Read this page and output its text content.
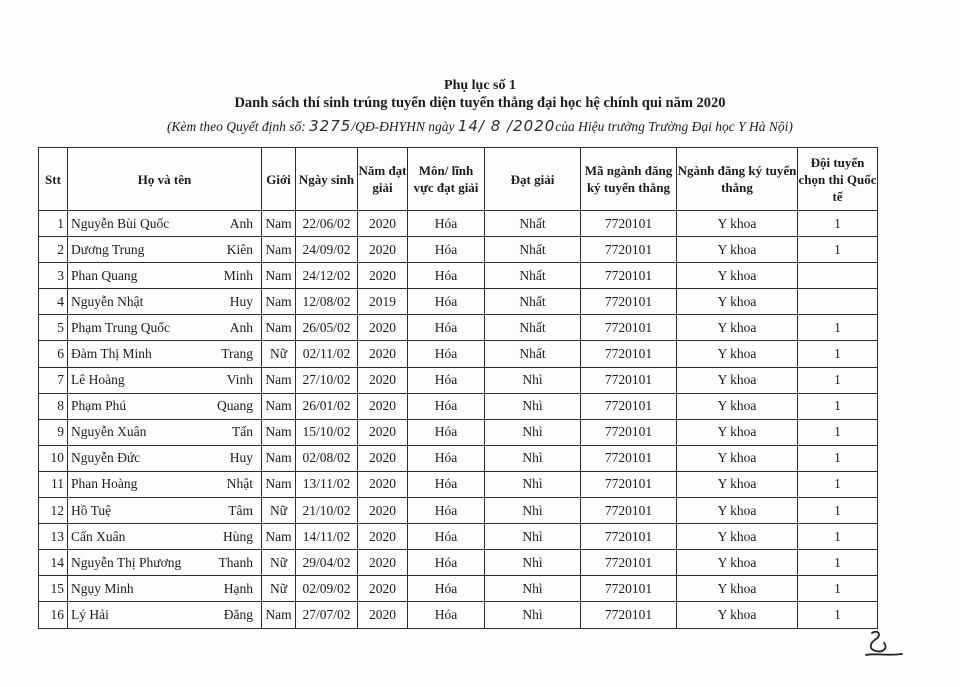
Phụ lục số 1
Danh sách thí sinh trúng tuyển diện tuyển thẳng đại học hệ chính qui năm 2020
(Kèm theo Quyết định số: 3275/QĐ-ĐHYHN ngày 14/ 8 /2020của Hiệu trưởng Trường Đại học Y Hà Nội)
Stt	Họ và tên	Giới	Ngày sinh	Năm đạt giải	Môn/ lĩnh vực đạt giải	Đạt giải	Mã ngành đăng ký tuyển thẳng	Ngành đăng ký tuyển thẳng	Đội tuyển chọn thi Quốc tế
1	Nguyễn Bùi Quốc Anh	Nam	22/06/02	2020	Hóa	Nhất	7720101	Y khoa	1
2	Dương Trung Kiên	Nam	24/09/02	2020	Hóa	Nhất	7720101	Y khoa	1
3	Phan Quang Minh	Nam	24/12/02	2020	Hóa	Nhất	7720101	Y khoa	
4	Nguyễn Nhật Huy	Nam	12/08/02	2019	Hóa	Nhất	7720101	Y khoa	
5	Phạm Trung Quốc Anh	Nam	26/05/02	2020	Hóa	Nhất	7720101	Y khoa	1
6	Đàm Thị Minh Trang	Nữ	02/11/02	2020	Hóa	Nhất	7720101	Y khoa	1
7	Lê Hoàng Vinh	Nam	27/10/02	2020	Hóa	Nhì	7720101	Y khoa	1
8	Phạm Phú Quang	Nam	26/01/02	2020	Hóa	Nhì	7720101	Y khoa	1
9	Nguyễn Xuân Tấn	Nam	15/10/02	2020	Hóa	Nhì	7720101	Y khoa	1
10	Nguyễn Đức Huy	Nam	02/08/02	2020	Hóa	Nhì	7720101	Y khoa	1
11	Phan Hoàng Nhật	Nam	13/11/02	2020	Hóa	Nhì	7720101	Y khoa	1
12	Hồ Tuệ Tâm	Nữ	21/10/02	2020	Hóa	Nhì	7720101	Y khoa	1
13	Cấn Xuân Hùng	Nam	14/11/02	2020	Hóa	Nhì	7720101	Y khoa	1
14	Nguyễn Thị Phương Thanh	Nữ	29/04/02	2020	Hóa	Nhì	7720101	Y khoa	1
15	Ngụy Minh Hạnh	Nữ	02/09/02	2020	Hóa	Nhì	7720101	Y khoa	1
16	Lý Hải Đăng	Nam	27/07/02	2020	Hóa	Nhì	7720101	Y khoa	1
